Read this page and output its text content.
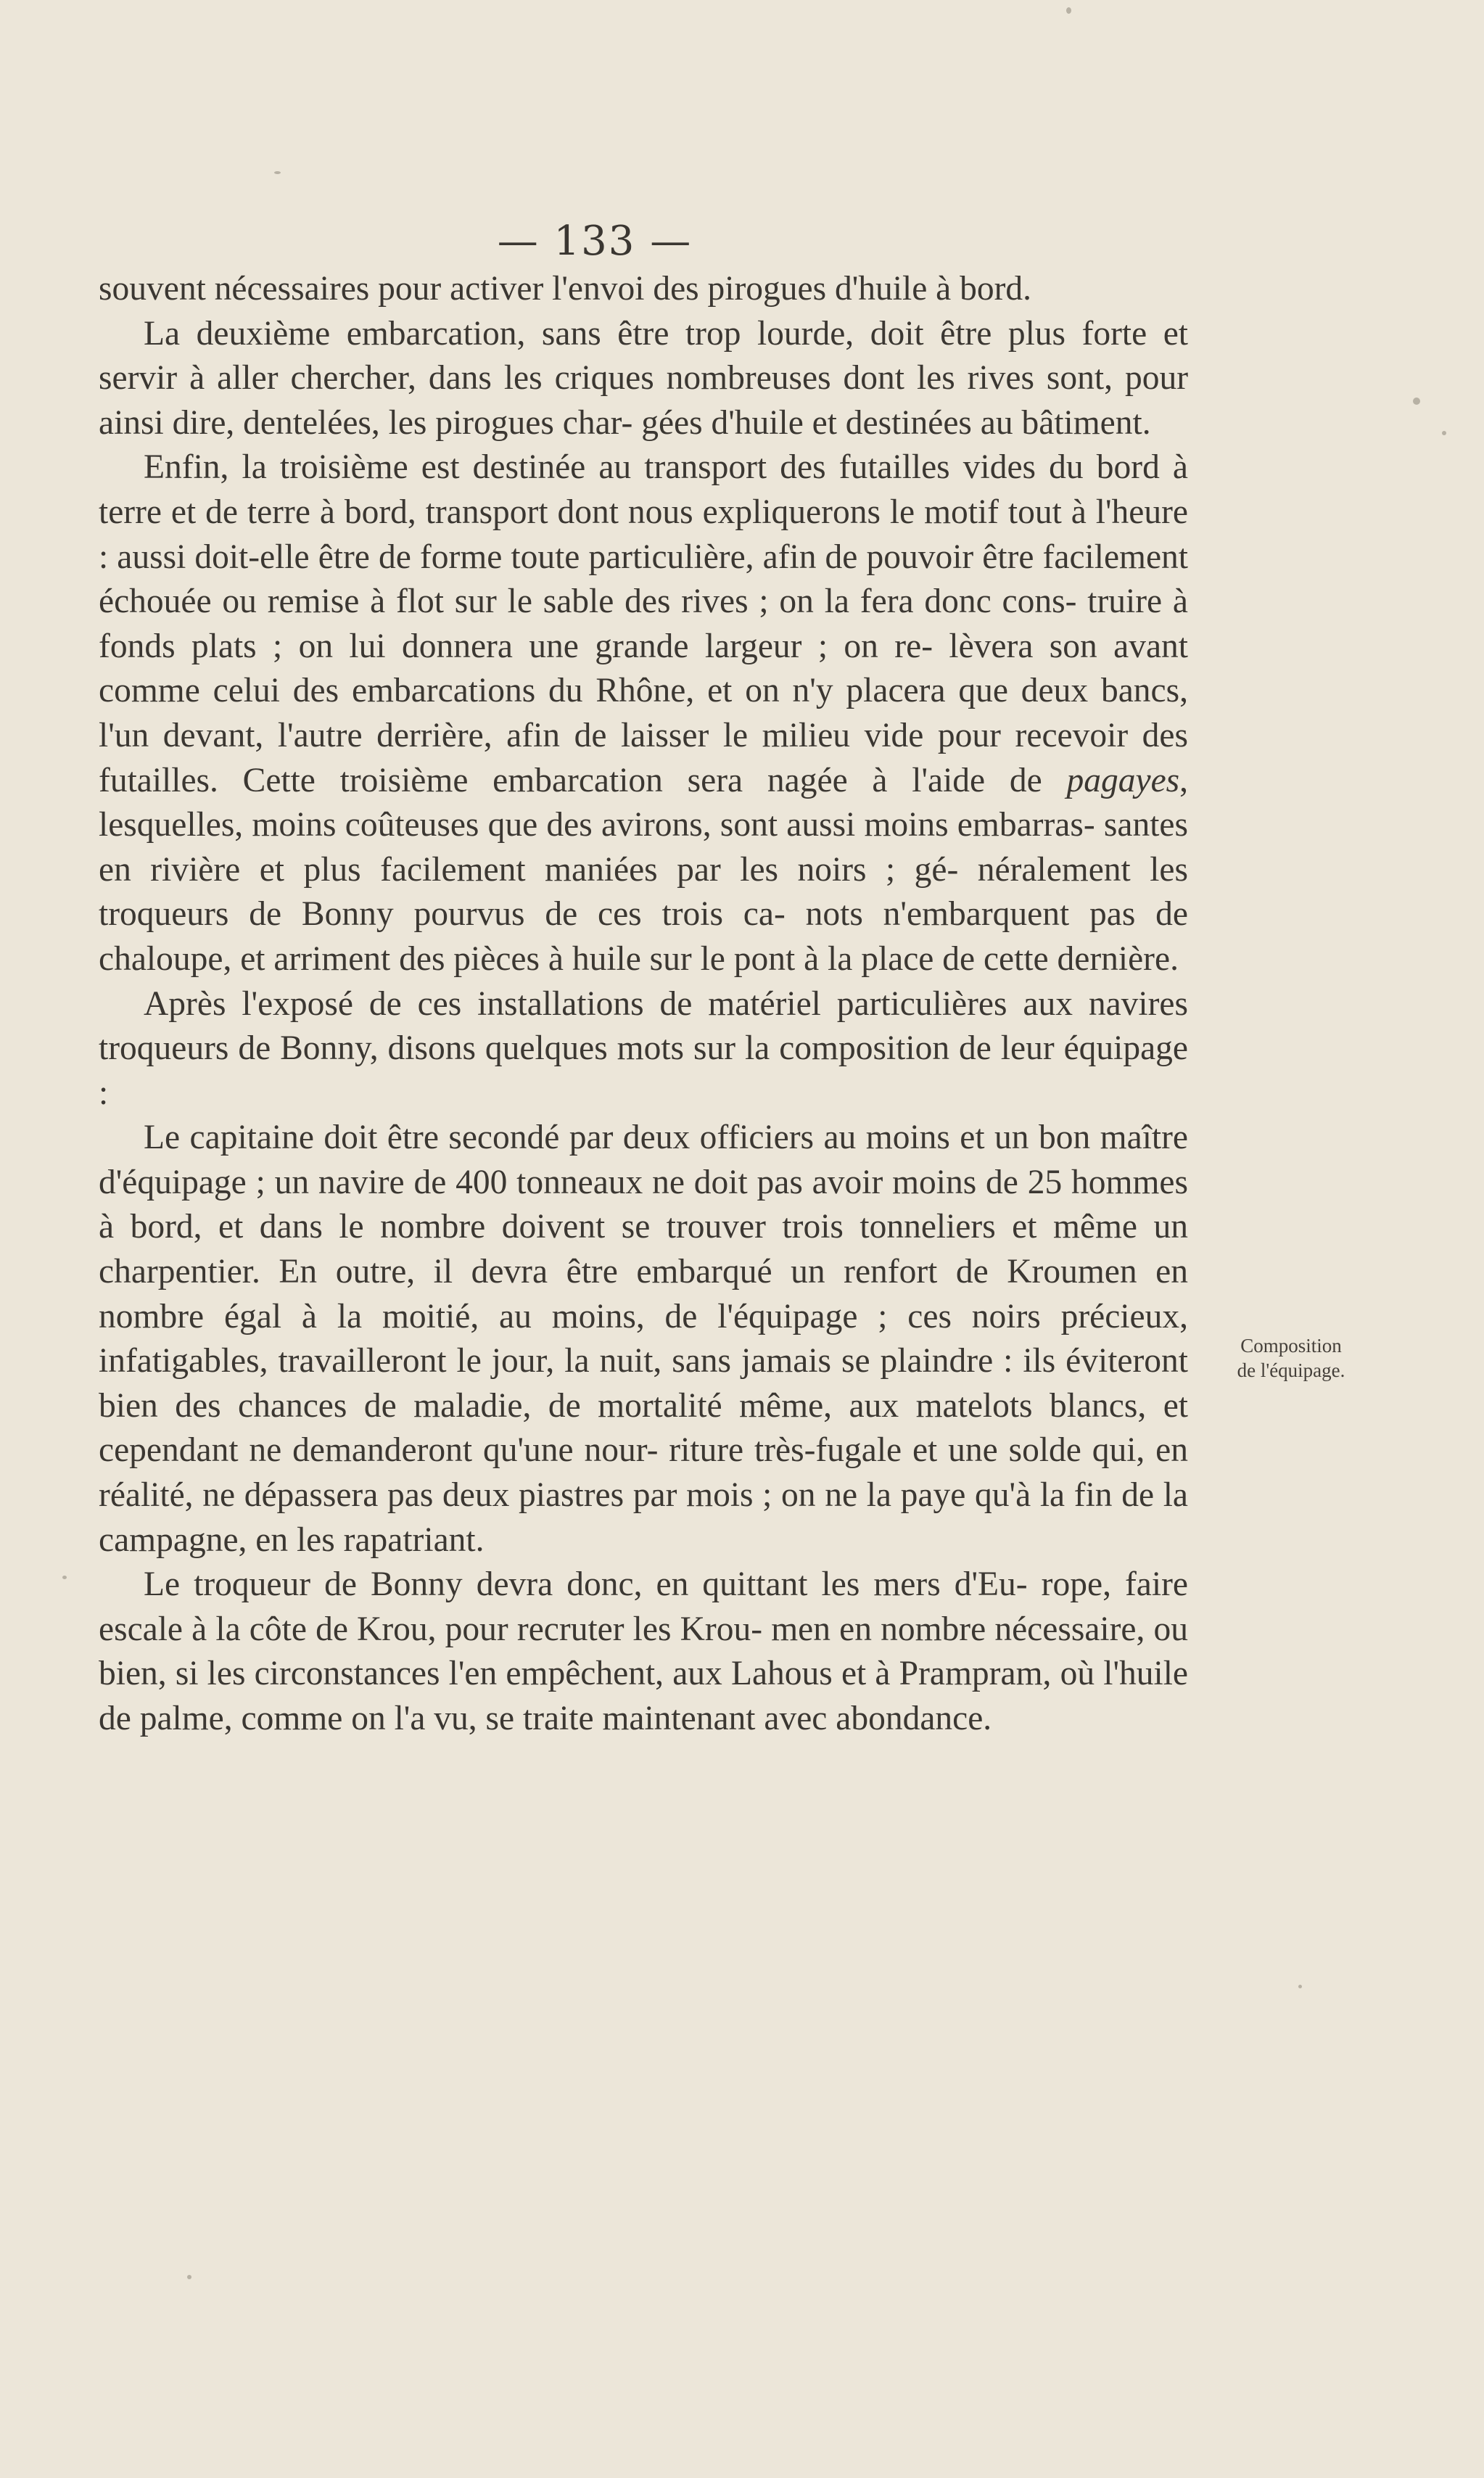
— 133 —

souvent nécessaires pour activer l'envoi des pirogues d'huile à bord.

La deuxième embarcation, sans être trop lourde, doit être plus forte et servir à aller chercher, dans les criques nombreuses dont les rives sont, pour ainsi dire, dentelées, les pirogues char- gées d'huile et destinées au bâtiment.

Enfin, la troisième est destinée au transport des futailles vides du bord à terre et de terre à bord, transport dont nous expliquerons le motif tout à l'heure : aussi doit-elle être de forme toute particulière, afin de pouvoir être facilement échouée ou remise à flot sur le sable des rives ; on la fera donc cons- truire à fonds plats ; on lui donnera une grande largeur ; on re- lèvera son avant comme celui des embarcations du Rhône, et on n'y placera que deux bancs, l'un devant, l'autre derrière, afin de laisser le milieu vide pour recevoir des futailles. Cette troisième embarcation sera nagée à l'aide de pagayes, lesquelles, moins coûteuses que des avirons, sont aussi moins embarras- santes en rivière et plus facilement maniées par les noirs ; gé- néralement les troqueurs de Bonny pourvus de ces trois ca- nots n'embarquent pas de chaloupe, et arriment des pièces à huile sur le pont à la place de cette dernière.

Après l'exposé de ces installations de matériel particulières aux navires troqueurs de Bonny, disons quelques mots sur la composition de leur équipage :

Le capitaine doit être secondé par deux officiers au moins et un bon maître d'équipage ; un navire de 400 tonneaux ne doit pas avoir moins de 25 hommes à bord, et dans le nombre doivent se trouver trois tonneliers et même un charpentier. En outre, il devra être embarqué un renfort de Kroumen en nombre égal à la moitié, au moins, de l'équipage ; ces noirs précieux, infatigables, travailleront le jour, la nuit, sans jamais se plaindre : ils éviteront bien des chances de maladie, de mortalité même, aux matelots blancs, et cependant ne demanderont qu'une nour- riture très-fugale et une solde qui, en réalité, ne dépassera pas deux piastres par mois ; on ne la paye qu'à la fin de la campagne, en les rapatriant.

Le troqueur de Bonny devra donc, en quittant les mers d'Eu- rope, faire escale à la côte de Krou, pour recruter les Krou- men en nombre nécessaire, ou bien, si les circonstances l'en empêchent, aux Lahous et à Prampram, où l'huile de palme, comme on l'a vu, se traite maintenant avec abondance.

Composition
de l'équipage.
